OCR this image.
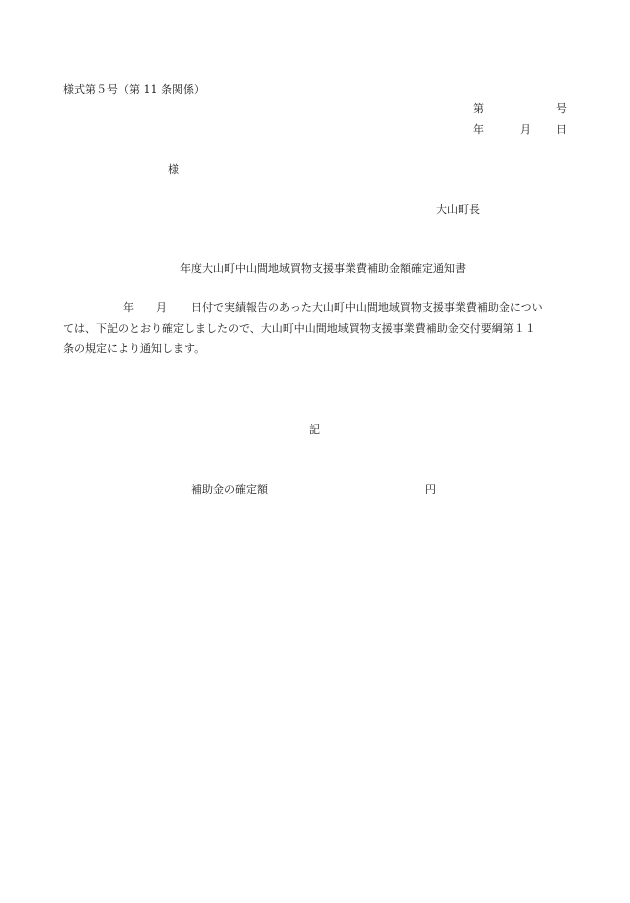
様式第５号（第 11 条関係）
第	号
年	月 日
様
大山町長
年度大山町中山間地域買物支援事業費補助金額確定通知書
年 月 日付で実績報告のあった大山町中山間地域買物支援事業費補助金につい
ては、下記のとおり確定しましたので、大山町中山間地域買物支援事業費補助金交付要綱第１１
条の規定により通知します。
記
補助金の確定額	円
